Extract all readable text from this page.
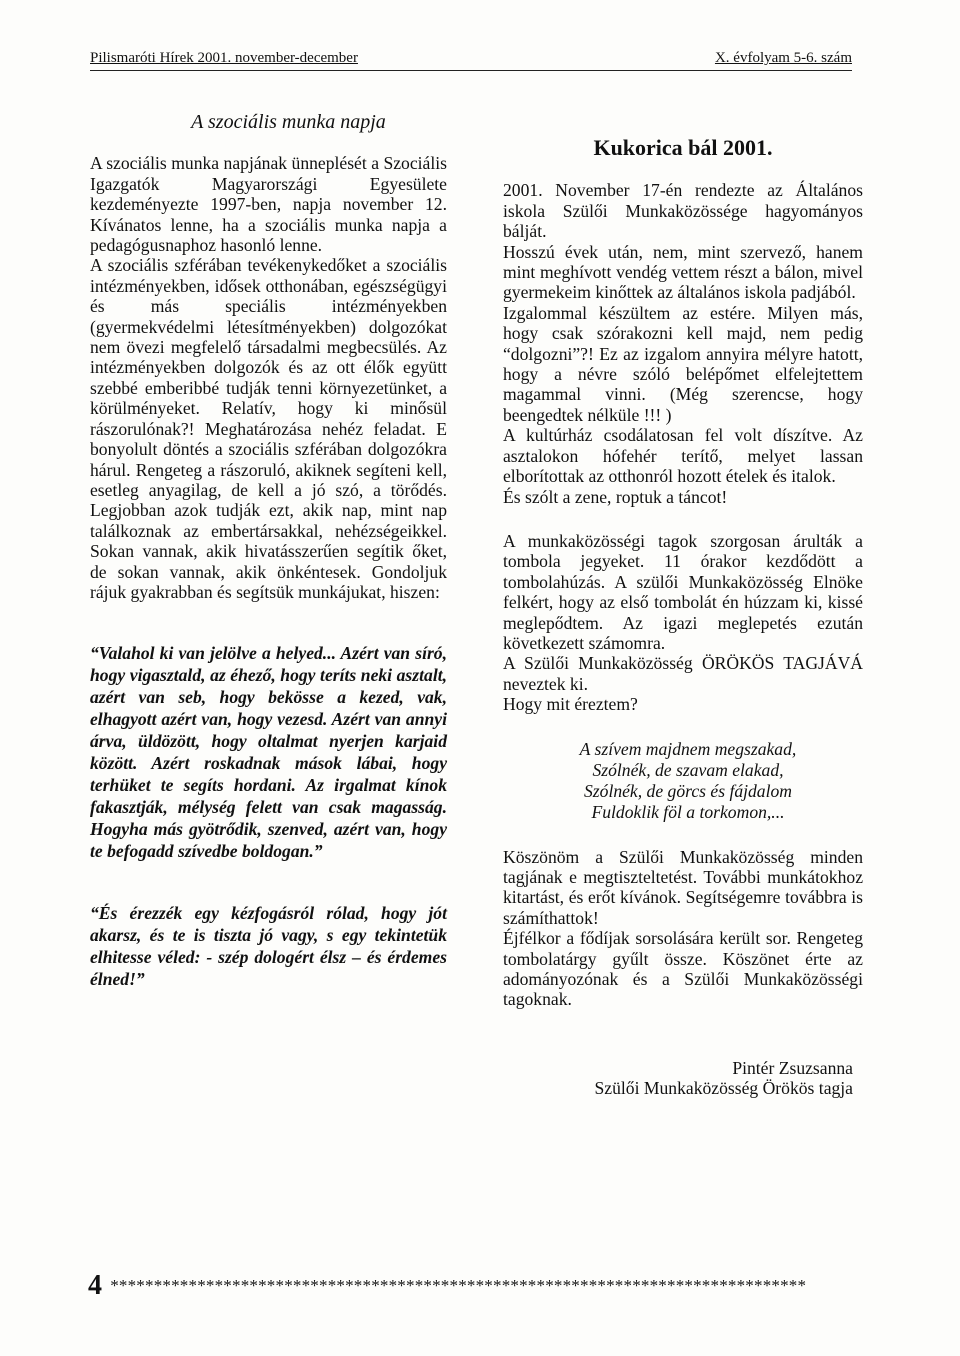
Pilismaróti Hírek 2001. november-december	X. évfolyam 5-6. szám
A szociális munka napja

A szociális munka napjának ünneplését a Szociális Igazgatók Magyarországi Egyesülete kezdeményezte 1997-ben, napja november 12. Kívánatos lenne, ha a szociális munka napja a pedagógusnaphoz hasonló lenne.

A szociális szférában tevékenykedőket a szociális intézményekben, idősek otthonában, egészségügyi és más speciális intézményekben (gyermekvédelmi létesítményekben) dolgozókat nem övezi megfelelő társadalmi megbecsülés. Az intézményekben dolgozók és az ott élők együtt szebbé emberibbé tudják tenni környezetünket, a körülményeket. Relatív, hogy ki minősül rászorulónak?! Meghatározása nehéz feladat. E bonyolult döntés a szociális szférában dolgozókra hárul. Rengeteg a rászoruló, akiknek segíteni kell, esetleg anyagilag, de kell a jó szó, a törődés. Legjobban azok tudják ezt, akik nap, mint nap találkoznak az embertársakkal, nehézségeikkel. Sokan vannak, akik hivatásszerűen segítik őket, de sokan vannak, akik önkéntesek. Gondoljuk rájuk gyakrabban és segítsük munkájukat, hiszen:

“Valahol ki van jelölve a helyed... Azért van síró, hogy vigasztald, az éhező, hogy teríts neki asztalt, azért van seb, hogy bekösse a kezed, vak, elhagyott azért van, hogy vezesd. Azért van annyi árva, üldözött, hogy oltalmat nyerjen karjaid között. Azért roskadnak mások lábai, hogy terhüket te segíts hordani. Az irgalmat kínok fakasztják, mélység felett van csak magasság. Hogyha más gyötrődik, szenved, azért van, hogy te befogadd szívedbe boldogan.”

“És érezzék egy kézfogásról rólad, hogy jót akarsz, és te is tiszta jó vagy, s egy tekintetük elhitesse véled: - szép dologért élsz – és érdemes élned!”

Kukorica bál 2001.

2001. November 17-én rendezte az Általános iskola Szülői Munkaközössége hagyományos bálját.

Hosszú évek után, nem, mint szervező, hanem mint meghívott vendég vettem részt a bálon, mivel gyermekeim kinőttek az általános iskola padjából.

Izgalommal készültem az estére. Milyen más, hogy csak szórakozni kell majd, nem pedig “dolgozni”?! Ez az izgalom annyira mélyre hatott, hogy a névre szóló belépőmet elfelejtettem magammal vinni. (Még szerencse, hogy beengedtek nélküle !!! )

A kultúrház csodálatosan fel volt díszítve. Az asztalokon hófehér terítő, melyet lassan elborítottak az otthonról hozott ételek és italok.

És szólt a zene, roptuk a táncot!

A munkaközösségi tagok szorgosan árulták a tombola jegyeket. 11 órakor kezdődött a tombolahúzás. A szülői Munkaközösség Elnöke felkért, hogy az első tombolát én húzzam ki, kissé meglepődtem. Az igazi meglepetés ezután következett számomra.

A Szülői Munkaközösség ÖRÖKÖS TAGJÁVÁ neveztek ki.

Hogy mit éreztem?

A szívem majdnem megszakad,
Szólnék, de szavam elakad,
Szólnék, de görcs és fájdalom
Fuldoklik föl a torkomon,...

Köszönöm a Szülői Munkaközösség minden tagjának e megtiszteltetést. További munkátokhoz kitartást, és erőt kívánok. Segítségemre továbbra is számíthattok!

Éjfélkor a fődíjak sorsolására került sor. Rengeteg tombolatárgy gyűlt össze. Köszönet érte az adományozónak és a Szülői Munkaközösségi tagoknak.

Pintér Zsuzsanna
Szülői Munkaközösség Örökös tagja
4 ********************************************************************************
